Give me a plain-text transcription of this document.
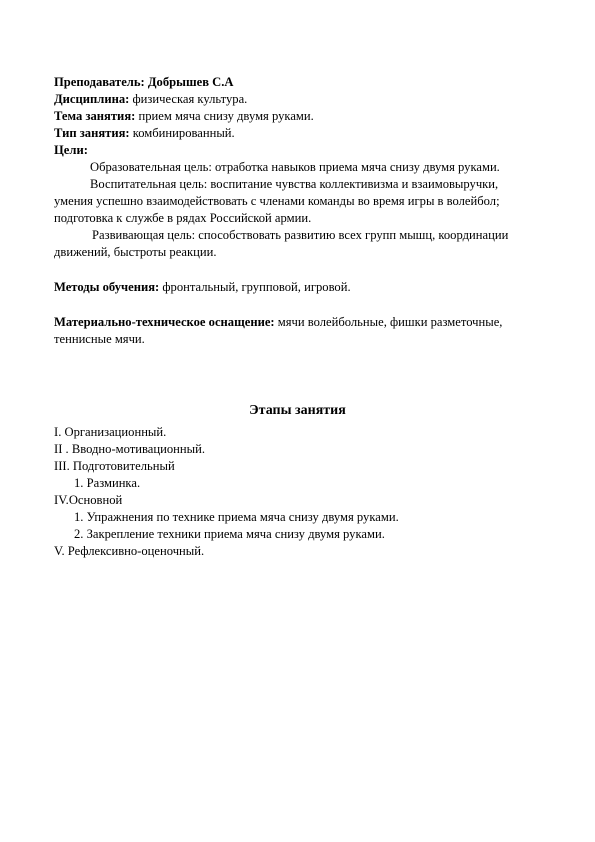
Преподаватель: Добрышев С.А
Дисциплина: физическая культура.
Тема занятия: прием мяча снизу двумя руками.
Тип занятия: комбинированный.
Цели:
Образовательная цель: отработка навыков приема мяча снизу двумя руками.
Воспитательная цель: воспитание чувства коллективизма и взаимовыручки,
умения успешно взаимодействовать с членами команды во время игры в волейбол;
подготовка к службе в рядах Российской армии.
Развивающая цель: способствовать развитию всех групп мышц, координации
движений, быстроты реакции.
Методы обучения: фронтальный, групповой, игровой.
Материально-техническое оснащение: мячи волейбольные, фишки разметочные,
теннисные мячи.
Этапы занятия
I. Организационный.
II . Вводно-мотивационный.
III. Подготовительный
1. Разминка.
IV.Основной
1. Упражнения по технике приема мяча снизу двумя руками.
2. Закрепление техники приема мяча снизу двумя руками.
V. Рефлексивно-оценочный.
